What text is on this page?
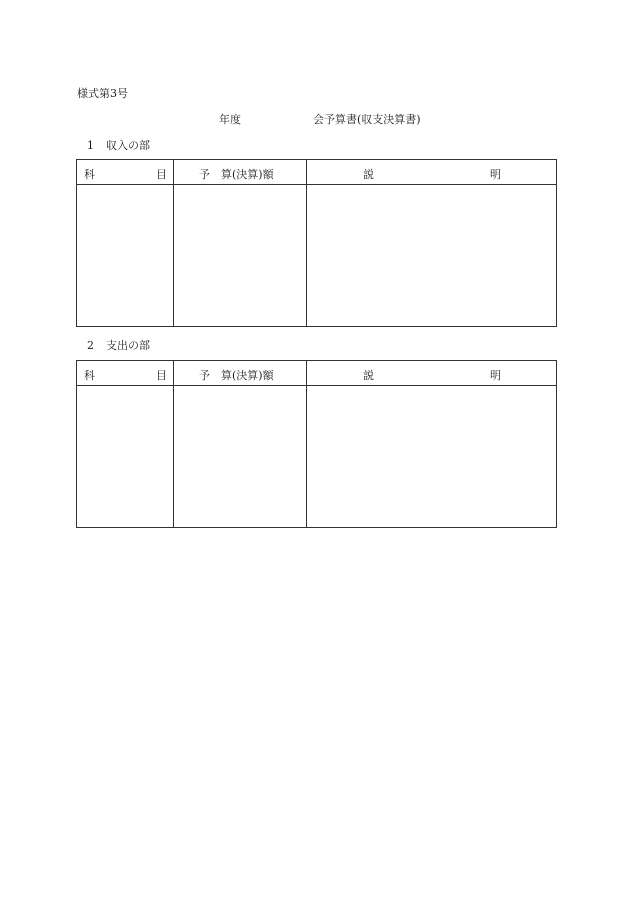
様式第3号
年度	会予算書(収支決算書)
1 収入の部
科 目	予　算(決算)額	説 明

2 支出の部
科 目	予　算(決算)額	説 明
